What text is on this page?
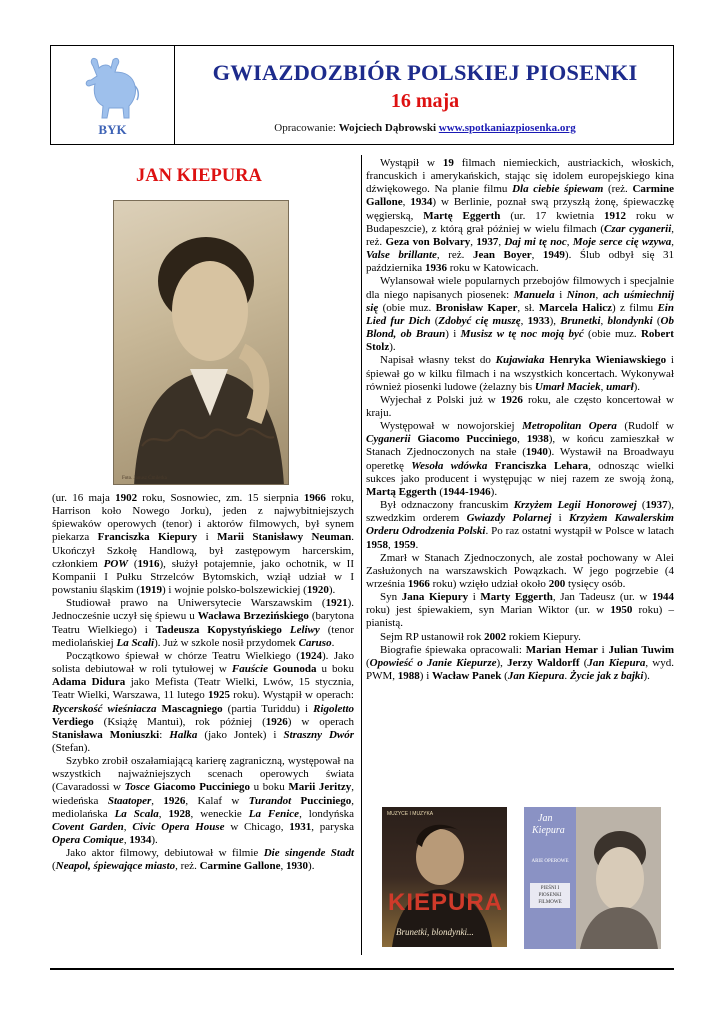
BYK
GWIAZDOZBIÓR POLSKIEJ PIOSENKI
16 maja
Opracowanie: Wojciech Dąbrowski www.spotkaniazpiosenka.org
JAN KIEPURA
Foto. Janusz Ćmilerka

(ur. 16 maja 1902 roku, Sosnowiec, zm. 15 sierpnia 1966 roku, Harrison koło Nowego Jorku), jeden z najwybitniejszych śpiewaków operowych (tenor) i aktorów filmowych, był synem piekarza Franciszka Kiepury i Marii Stanisławy Neuman. Ukończył Szkołę Handlową, był zastępowym harcerskim, członkiem POW (1916), służył potajemnie, jako ochotnik, w II Kompanii I Pułku Strzelców Bytomskich, wziął udział w I powstaniu śląskim (1919) i wojnie polsko-bolszewickiej (1920).

Studiował prawo na Uniwersytecie Warszawskim (1921). Jednocześnie uczył się śpiewu u Wacława Brzezińskiego (barytona Teatru Wielkiego) i Tadeusza Kopystyńskiego Leliwy (tenor mediolańskiej La Scali). Już w szkole nosił przydomek Caruso.

Początkowo śpiewał w chórze Teatru Wielkiego (1924). Jako solista debiutował w roli tytułowej w Fauście Gounoda u boku Adama Didura jako Mefista (Teatr Wielki, Lwów, 15 stycznia, Teatr Wielki, Warszawa, 11 lutego 1925 roku). Wystąpił w operach: Rycerskość wieśniacza Mascagniego (partia Turiddu) i Rigoletto Verdiego (Książę Mantui), rok później (1926) w operach Stanisława Moniuszki: Halka (jako Jontek) i Straszny Dwór (Stefan).

Szybko zrobił oszałamiającą karierę zagraniczną, występował na wszystkich najważniejszych scenach operowych świata (Cavaradossi w Tosce Giacomo Pucciniego u boku Marii Jeritzy, wiedeńska Staatoper, 1926, Kalaf w Turandot Pucciniego, mediolańska La Scala, 1928, weneckie La Fenice, londyńska Covent Garden, Civic Opera House w Chicago, 1931, paryska Opera Comique, 1934).

Jako aktor filmowy, debiutował w filmie Die singende Stadt (Neapol, śpiewające miasto, reż. Carmine Gallone, 1930).

Wystąpił w 19 filmach niemieckich, austriackich, włoskich, francuskich i amerykańskich, stając się idolem europejskiego kina dźwiękowego. Na planie filmu Dla ciebie śpiewam (reż. Carmine Gallone, 1934) w Berlinie, poznał swą przyszłą żonę, śpiewaczkę węgierską, Martę Eggerth (ur. 17 kwietnia 1912 roku w Budapeszcie), z którą grał później w wielu filmach (Czar cyganerii, reż. Geza von Bolvary, 1937, Daj mi tę noc, Moje serce cię wzywa, Valse brillante, reż. Jean Boyer, 1949). Ślub odbył się 31 października 1936 roku w Katowicach.

Wylansował wiele popularnych przebojów filmowych i specjalnie dla niego napisanych piosenek: Manuela i Ninon, ach uśmiechnij się (obie muz. Bronisław Kaper, sł. Marcela Halicz) z filmu Ein Lied fur Dich (Zdobyć cię muszę, 1933), Brunetki, blondynki (Ob Blond, ob Braun) i Musisz w tę noc moją być (obie muz. Robert Stolz).

Napisał własny tekst do Kujawiaka Henryka Wieniawskiego i śpiewał go w kilku filmach i na wszystkich koncertach. Wykonywał również piosenki ludowe (żelazny bis Umarł Maciek, umarł).

Wyjechał z Polski już w 1926 roku, ale często koncertował w kraju.

Występował w nowojorskiej Metropolitan Opera (Rudolf w Cyganerii Giacomo Pucciniego, 1938), w końcu zamieszkał w Stanach Zjednoczonych na stałe (1940). Wystawił na Broadwayu operetkę Wesoła wdówka Franciszka Lehara, odnosząc wielki sukces jako producent i występując w niej razem ze swoją żoną, Martą Eggerth (1944-1946).

Był odznaczony francuskim Krzyżem Legii Honorowej (1937), szwedzkim orderem Gwiazdy Polarnej i Krzyżem Kawalerskim Orderu Odrodzenia Polski. Po raz ostatni wystąpił w Polsce w latach 1958, 1959.

Zmarł w Stanach Zjednoczonych, ale został pochowany w Alei Zasłużonych na warszawskich Powązkach. W jego pogrzebie (4 września 1966 roku) wzięło udział około 200 tysięcy osób.

Syn Jana Kiepury i Marty Eggerth, Jan Tadeusz (ur. w 1944 roku) jest śpiewakiem, syn Marian Wiktor (ur. w 1950 roku) – pianistą.

Sejm RP ustanowił rok 2002 rokiem Kiepury.

Biografie śpiewaka opracowali: Marian Hemar i Julian Tuwim (Opowieść o Janie Kiepurze), Jerzy Waldorff (Jan Kiepura, wyd. PWM, 1988) i Wacław Panek (Jan Kiepura. Życie jak z bajki).

MUZYCE I MUZYKA
KIEPURA
Brunetki, blondynki...
Jan
Kiepura
ARIE OPEROWE
PIEŚNI I PIOSENKI FILMOWE
